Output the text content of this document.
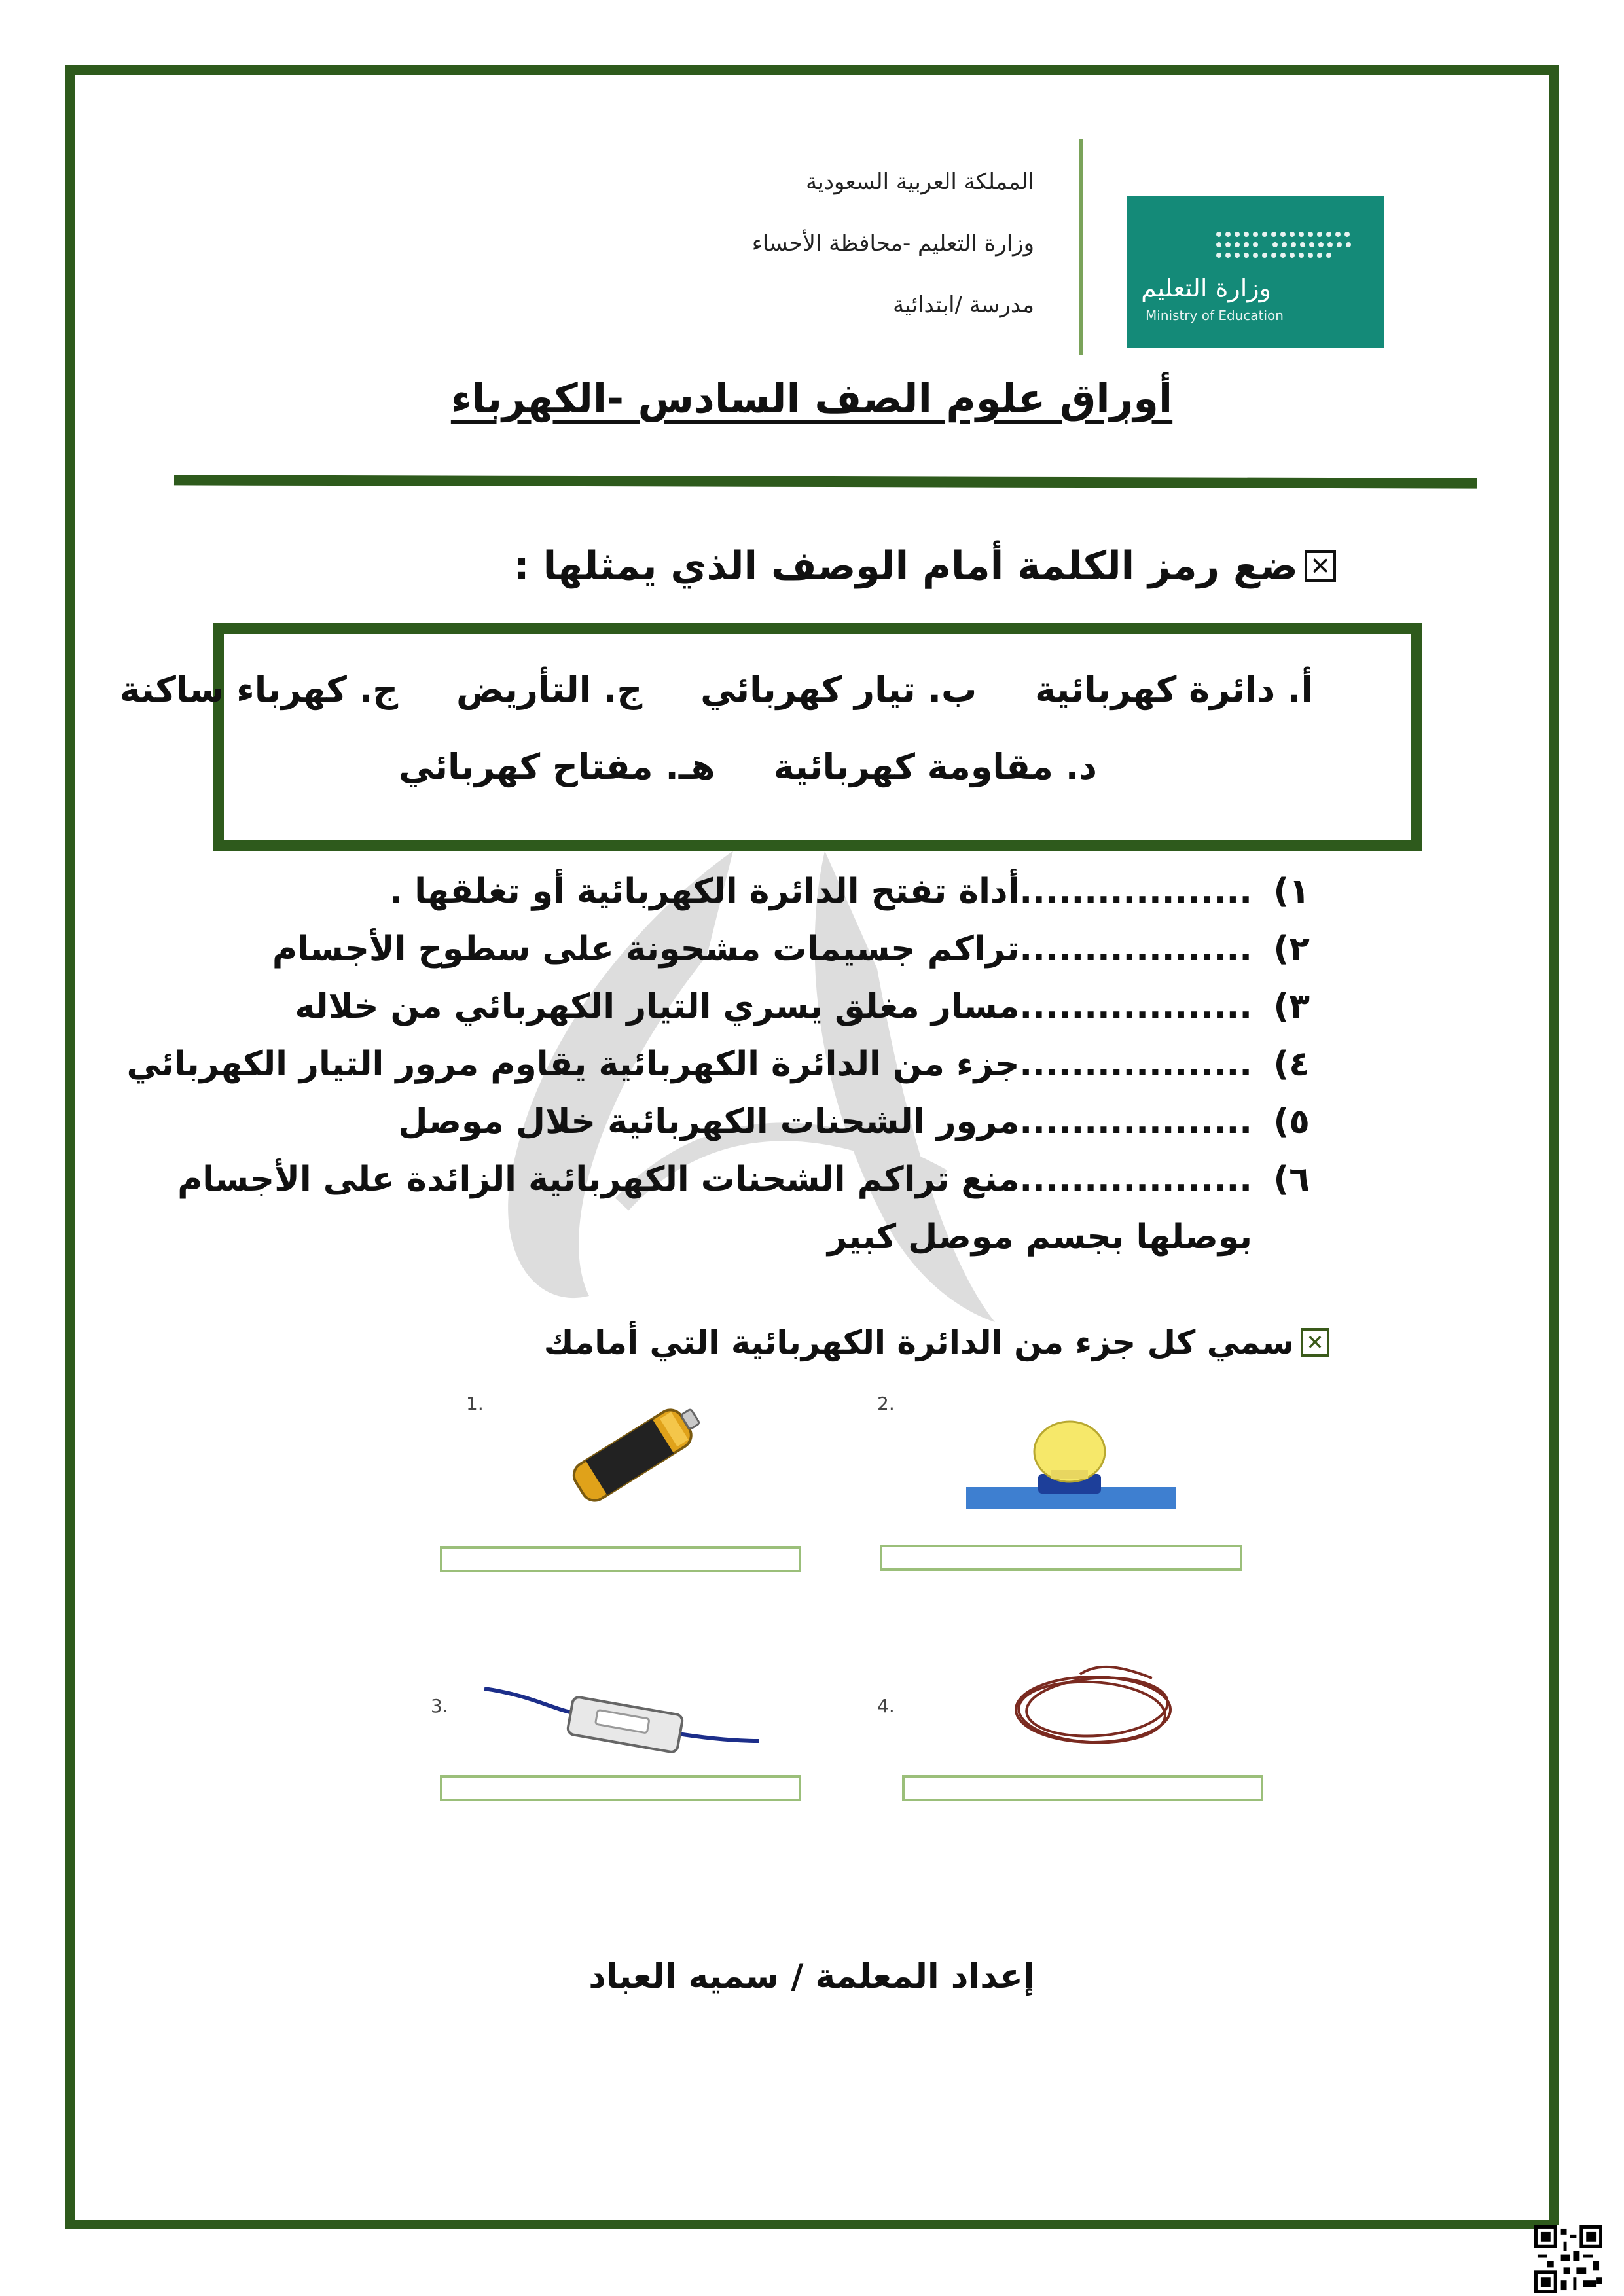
المملكة العربية السعودية
وزارة التعليم -محافظة الأحساء
مدرسة /ابتدائية
وزارة التعليم
Ministry of Education
أوراق علوم الصف السادس -الكهرباء
✕
ضع رمز الكلمة أمام الوصف الذي يمثلها :
أ. دائرة كهربائية ب. تيار كهربائي ج. التأريض ج. كهرباء ساكنة
د. مقاومة كهربائية هـ. مفتاح كهربائي
١)..................أداة تفتح الدائرة الكهربائية أو تغلقها .
٢)..................تراكم جسيمات مشحونة على سطوح الأجسام
٣)..................مسار مغلق يسري التيار الكهربائي من خلاله
٤)..................جزء من الدائرة الكهربائية يقاوم مرور التيار الكهربائي
٥)..................مرور الشحنات الكهربائية خلال موصل
٦)..................منع تراكم الشحنات الكهربائية الزائدة على الأجسام
بوصلها بجسم موصل كبير
✕
سمي كل جزء من الدائرة الكهربائية التي أمامك
1.	2.
3.	4.
إعداد المعلمة / سميه العباد
